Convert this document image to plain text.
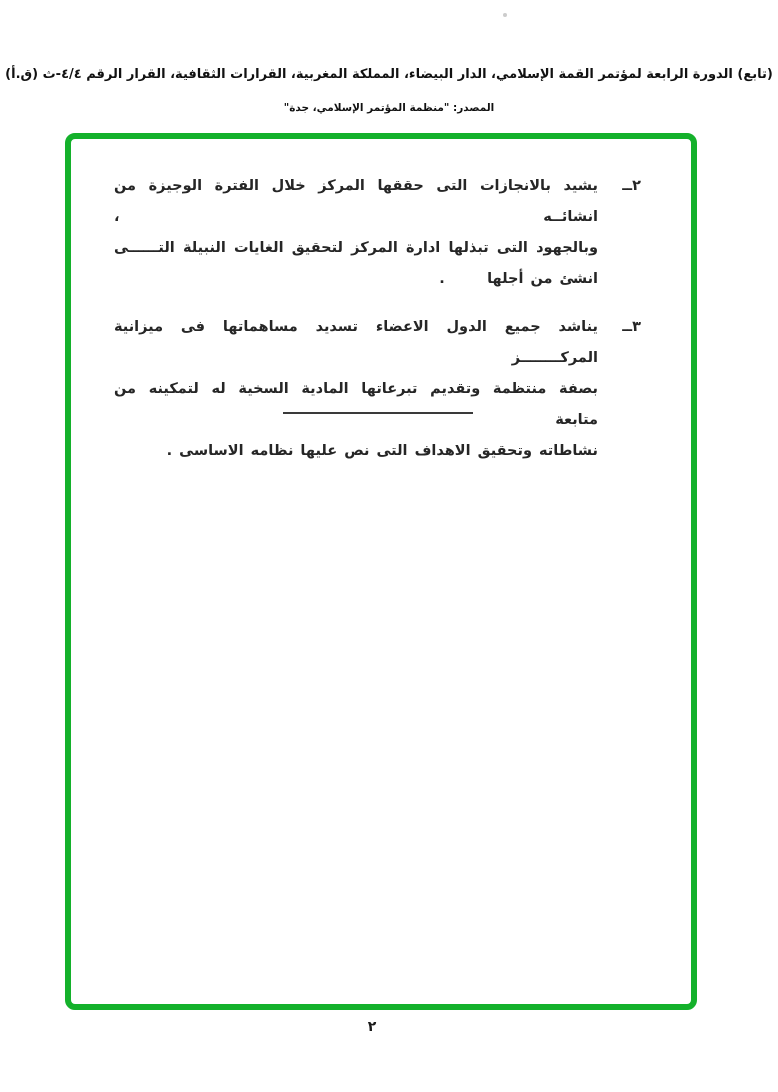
(تابع) الدورة الرابعة لمؤتمر القمة الإسلامي، الدار البيضاء، المملكة المغربية، القرارات الثقافية، القرار الرقم ٤/٤-ث (ق.أ)
المصدر: "منظمة المؤتمر الإسلامي، جدة"
٢ــ
يشيد بالانجازات التى حققها المركز خلال الفترة الوجيزة من انشائــه ،
وبالجهود التى تبذلها ادارة المركز لتحقيق الغايات النبيلة التــــــى
انشئ من أجلها      .
٣ــ
يناشد جميع الدول الاعضاء تسديد مساهماتها فى ميزانية المركــــــــز
بصفة منتظمة وتقديم تبرعاتها المادية السخية له لتمكينه من متابعة
نشاطاته وتحقيق الاهداف التى نص عليها نظامه الاساسى .
٢
